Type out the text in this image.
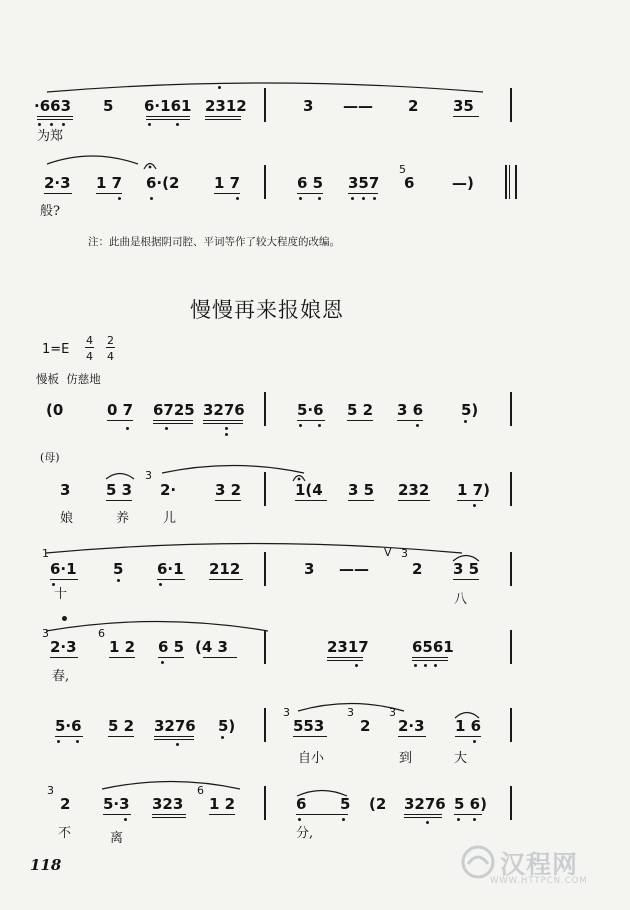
·663 5 6·161 2312	3 —— 2 35
为郑
2·3 1 7 6·(2 1 7	6 5 357
5
6	—)
般?

注：此曲是根据阴司腔、平词等作了较大程度的改编。

慢慢再来报娘恩
1=E
4
4
2
4
慢板  仿慈地
(0	0 7 6725 3276	5·6 5 2 3 6	5)
(母)
3 5 3
3
2·	3 2	1(4 3 5 232 1 7)
娘	养	儿
1
6·1 5 6·1 212	3 ——
V 3
2 3 5
十	八
3
2·3
6
1 2 6 5 (4 3	2317	6561
春,
5·6 5 2 3276 5)
3
553
3
2
3
2·3 1 6
自小	到	大
3
2 5·3 323
6
1 2	6 5 (2 3276 5 6)
不	离	分,
118	汉程网
WWW.HTTPCN.COM
